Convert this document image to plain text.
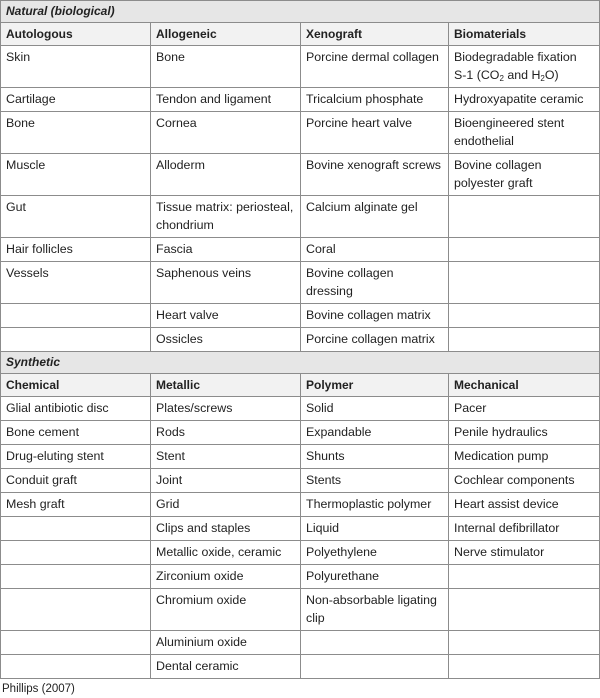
Natural (biological)			
Autologous	Allogeneic	Xenograft	Biomaterials
Skin	Bone	Porcine dermal collagen	Biodegradable fixation
S-1 ($CO_2$ and $H_2O$)

Cartilage	Tendon and ligament	Tricalcium phosphate	Hydroxyapatite ceramic
Bone	Cornea	Porcine heart valve	Bioengineered stent endothelial
Muscle	Alloderm	Bovine xenograft screws	Bovine collagen polyester graft
Gut	Tissue matrix: periosteal, chondrium	Calcium alginate gel	
Hair follicles	Fascia	Coral	
Vessels	Saphenous veins	Bovine collagen dressing	
	Heart valve	Bovine collagen matrix	
	Ossicles	Porcine collagen matrix	
Synthetic			
Chemical	Metallic	Polymer	Mechanical
Glial antibiotic disc	Plates/screws	Solid	Pacer
Bone cement	Rods	Expandable	Penile hydraulics
Drug-eluting stent	Stent	Shunts	Medication pump
Conduit graft	Joint	Stents	Cochlear components
Mesh graft	Grid	Thermoplastic polymer	Heart assist device
	Clips and staples	Liquid	Internal defibrillator
	Metallic oxide, ceramic	Polyethylene	Nerve stimulator
	Zirconium oxide	Polyurethane	
	Chromium oxide	Non-absorbable ligating clip	
	Aluminium oxide		
	Dental ceramic		
Phillips (2007)
